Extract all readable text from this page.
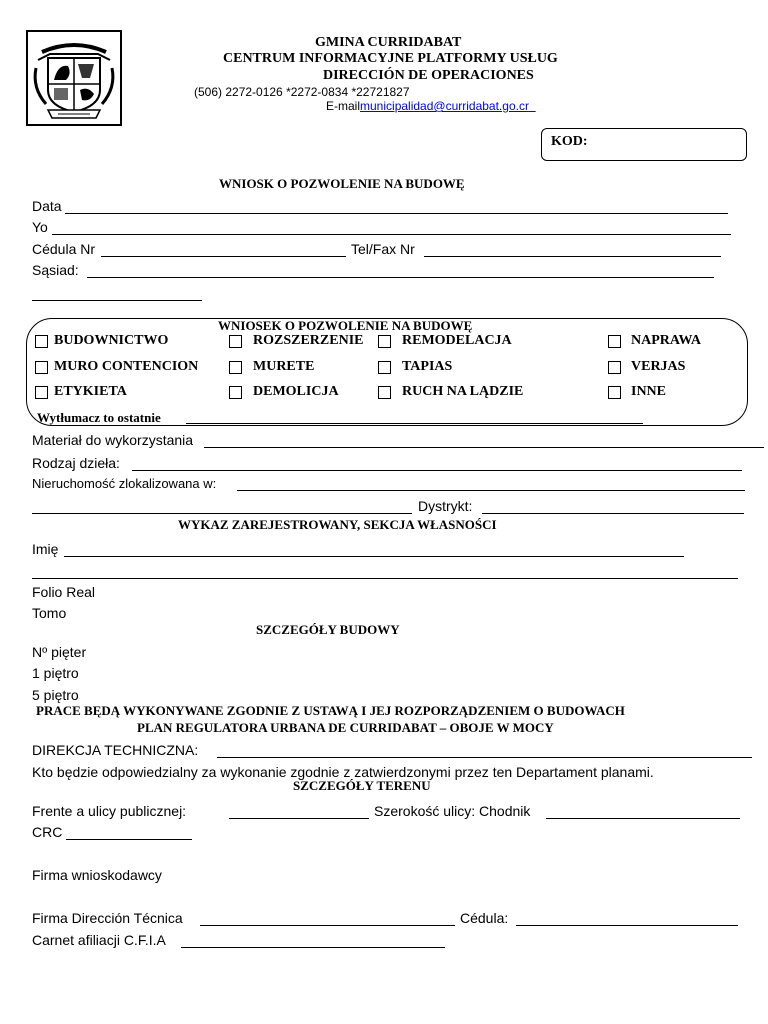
GMINA CURRIDABAT
CENTRUM INFORMACYJNE PLATFORMY USŁUG
DIRECCIÓN DE OPERACIONES
(506) 2272-0126 *2272-0834 *22721827
E-mailmunicipalidad@curridabat.go.cr
KOD:
WNIOSK O POZWOLENIE NA BUDOWĘ
Data
Yo
Cédula Nr	Tel/Fax Nr
Sąsiad:
WNIOSEK O POZWOLENIE NA BUDOWĘ
BUDOWNICTWO	ROZSZERZENIE	REMODELACJA	NAPRAWA
MURO CONTENCION	MURETE	TAPIAS	VERJAS
ETYKIETA	DEMOLICJA	RUCH NA LĄDZIE	INNE
Wytłumacz to ostatnie
Materiał do wykorzystania
Rodzaj dzieła:
Nieruchomość zlokalizowana w:
Dystrykt:
WYKAZ ZAREJESTROWANY, SEKCJA WŁASNOŚCI
Imię
Folio Real
Tomo
SZCZEGÓŁY BUDOWY
Nº pięter
1 piętro
5 piętro
PRACE BĘDĄ WYKONYWANE ZGODNIE Z USTAWĄ I JEJ ROZPORZĄDZENIEM O BUDOWACH
PLAN REGULATORA URBANA DE CURRIDABAT – OBOJE W MOCY
DIREKCJA TECHNICZNA:
Kto będzie odpowiedzialny za wykonanie zgodnie z zatwierdzonymi przez ten Departament planami.
SZCZEGÓŁY TERENU
Frente a ulicy publicznej:	Szerokość ulicy: Chodnik
CRC
Firma wnioskodawcy
Firma Dirección Técnica	Cédula:
Carnet afiliacji C.F.I.A
